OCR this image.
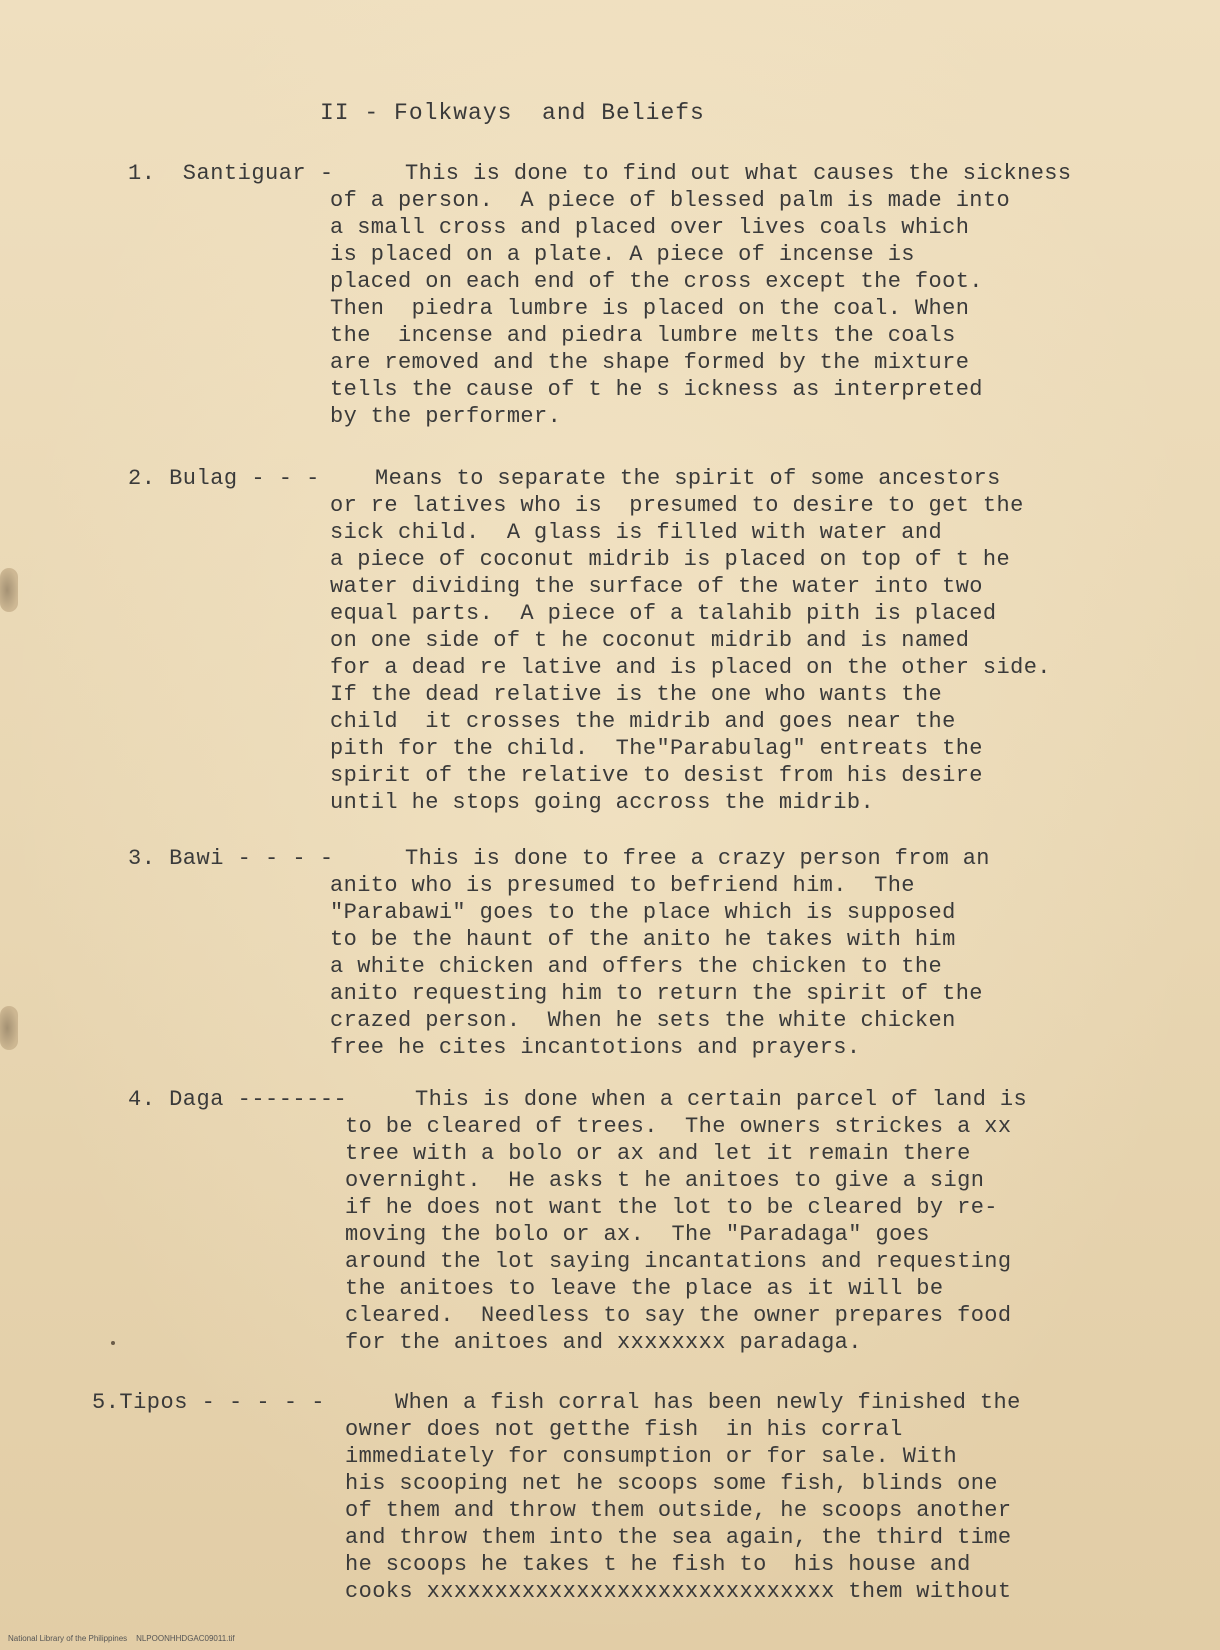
II - Folkways  and Beliefs
1.  Santiguar -	This is done to find out what causes the sickness
of a person.  A piece of blessed palm is made into
a small cross and placed over lives coals which
is placed on a plate. A piece of incense is
placed on each end of the cross except the foot.
Then  piedra lumbre is placed on the coal. When
the  incense and piedra lumbre melts the coals
are removed and the shape formed by the mixture
tells the cause of t he s ickness as interpreted
by the performer.
2. Bulag - - -	Means to separate the spirit of some ancestors
or re latives who is  presumed to desire to get the
sick child.  A glass is filled with water and
a piece of coconut midrib is placed on top of t he
water dividing the surface of the water into two
equal parts.  A piece of a talahib pith is placed
on one side of t he coconut midrib and is named
for a dead re lative and is placed on the other side.
If the dead relative is the one who wants the
child  it crosses the midrib and goes near the
pith for the child.  The"Parabulag" entreats the
spirit of the relative to desist from his desire
until he stops going accross the midrib.
3. Bawi - - - -	This is done to free a crazy person from an
anito who is presumed to befriend him.  The
"Parabawi" goes to the place which is supposed
to be the haunt of the anito he takes with him
a white chicken and offers the chicken to the
anito requesting him to return the spirit of the
crazed person.  When he sets the white chicken
free he cites incantotions and prayers.
4. Daga --------	This is done when a certain parcel of land is
to be cleared of trees.  The owners strickes a xx
tree with a bolo or ax and let it remain there
overnight.  He asks t he anitoes to give a sign
if he does not want the lot to be cleared by re-
moving the bolo or ax.  The "Paradaga" goes
around the lot saying incantations and requesting
the anitoes to leave the place as it will be
cleared.  Needless to say the owner prepares food
for the anitoes and xxxxxxxx paradaga.
5.Tipos - - - - -	When a fish corral has been newly finished the
owner does not getthe fish  in his corral
immediately for consumption or for sale. With
his scooping net he scoops some fish, blinds one
of them and throw them outside, he scoops another
and throw them into the sea again, the third time
he scoops he takes t he fish to  his house and
cooks xxxxxxxxxxxxxxxxxxxxxxxxxxxxxx them without
National Library of the Philippines    NLPOONHHDGAC09011.tif
